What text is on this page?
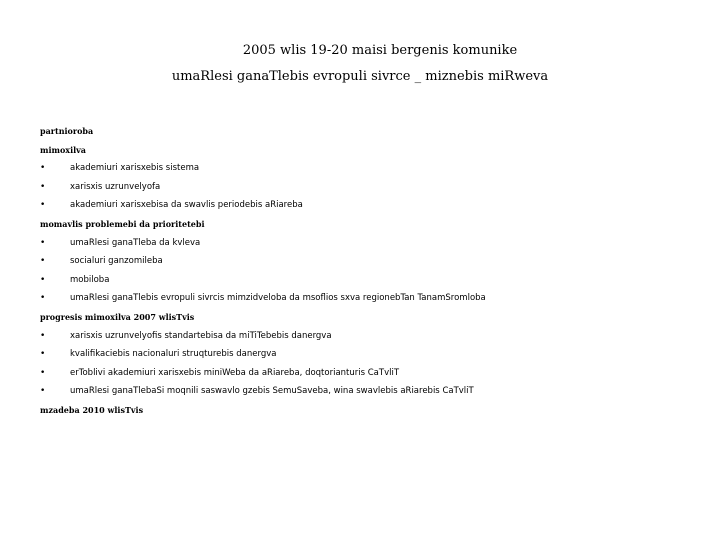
2005 wlis 19-20 maisi bergenis komunike
umaRlesi ganaTlebis evropuli sivrce _ miznebis miRweva
partnioroba
mimoxilva
•	akademiuri xarisxebis sistema
•	xarisxis uzrunvelyofa
•	akademiuri xarisxebisa da swavlis periodebis aRiareba
momavlis problemebi da prioritetebi
•	umaRlesi ganaTleba da kvleva
•	socialuri ganzomileba
•	mobiloba
•	umaRlesi ganaTlebis evropuli sivrcis mimzidveloba da msoflios sxva regionebTan TanamSromloba
progresis mimoxilva 2007 wlisTvis
•	xarisxis uzrunvelyofis standartebisa da miTiTebebis danergva
•	kvalifikaciebis nacionaluri struqturebis danergva
•	erToblivi akademiuri xarisxebis miniWeba da aRiareba, doqtorianturis CaTvliT
•	umaRlesi ganaTlebaSi moqnili saswavlo gzebis SemuSaveba, wina swavlebis aRiarebis CaTvliT
mzadeba 2010 wlisTvis
